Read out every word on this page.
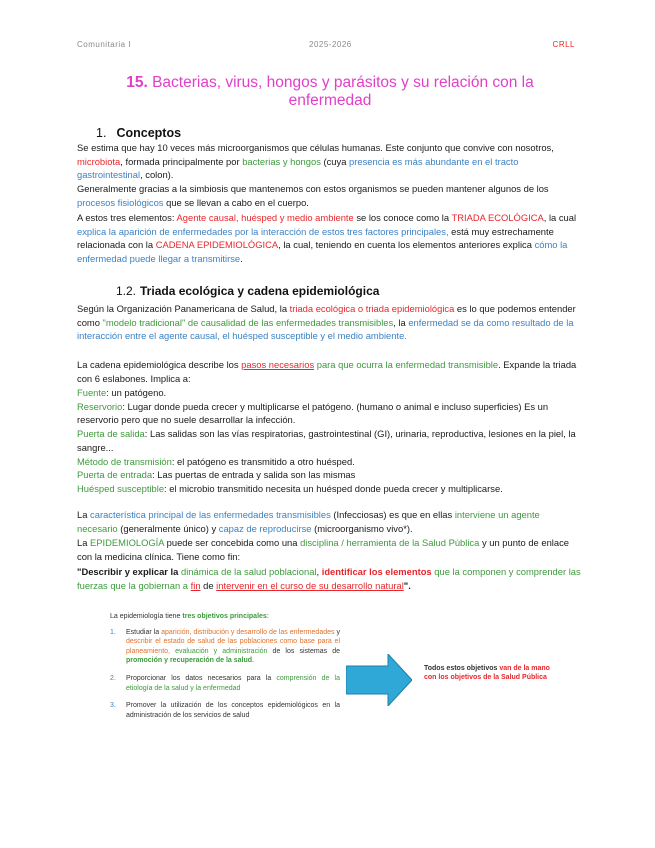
Comunitaria I	2025-2026	CRLL
15. Bacterias, virus, hongos y parásitos y su relación con la enfermedad
1. Conceptos
Se estima que hay 10 veces más microorganismos que células humanas. Este conjunto que convive con nosotros, microbiota, formada principalmente por bacterias y hongos (cuya presencia es más abundante en el tracto gastrointestinal, colon).
Generalmente gracias a la simbiosis que mantenemos con estos organismos se pueden mantener algunos de los procesos fisiológicos que se llevan a cabo en el cuerpo.
A estos tres elementos: Agente causal, huésped y medio ambiente se los conoce como la TRIADA ECOLÓGICA, la cual explica la aparición de enfermedades por la interacción de estos tres factores principales, está muy estrechamente relacionada con la CADENA EPIDEMIOLÓGICA, la cual, teniendo en cuenta los elementos anteriores explica cómo la enfermedad puede llegar a transmitirse.
1.2. Triada ecológica y cadena epidemiológica
Según la Organización Panamericana de Salud, la triada ecológica o triada epidemiológica es lo que podemos entender como "modelo tradicional" de causalidad de las enfermedades transmisibles, la enfermedad se da como resultado de la interacción entre el agente causal, el huésped susceptible y el medio ambiente.
La cadena epidemiológica describe los pasos necesarios para que ocurra la enfermedad transmisible. Expande la triada con 6 eslabones. Implica a:
Fuente: un patógeno.
Reservorio: Lugar donde pueda crecer y multiplicarse el patógeno. (humano o animal e incluso superficies) Es un reservorio pero que no suele desarrollar la infección.
Puerta de salida: Las salidas son las vías respiratorias, gastrointestinal (GI), urinaria, reproductiva, lesiones en la piel, la sangre...
Método de transmisión: el patógeno es transmitido a otro huésped.
Puerta de entrada: Las puertas de entrada y salida son las mismas
Huésped susceptible: el microbio transmitido necesita un huésped donde pueda crecer y multiplicarse.
La característica principal de las enfermedades transmisibles (Infecciosas) es que en ellas interviene un agente necesario (generalmente único) y capaz de reproducirse (microorganismo vivo*).
La EPIDEMIOLOGÍA puede ser concebida como una disciplina / herramienta de la Salud Pública y un punto de enlace con la medicina clínica. Tiene como fin:
"Describir y explicar la dinámica de la salud poblacional, identificar los elementos que la componen y comprender las fuerzas que la gobiernan a fin de intervenir en el curso de su desarrollo natural".
La epidemiología tiene tres objetivos principales:
1.	Estudiar la aparición, distribución y desarrollo de las enfermedades y describir el estado de salud de las poblaciones como base para el planeamiento, evaluación y administración de los sistemas de promoción y recuperación de la salud.
2.	Proporcionar los datos necesarios para la comprensión de la etiología de la salud y la enfermedad
3.	Promover la utilización de los conceptos epidemiológicos en la administración de los servicios de salud
Todos estos objetivos van de la mano con los objetivos de la Salud Pública
